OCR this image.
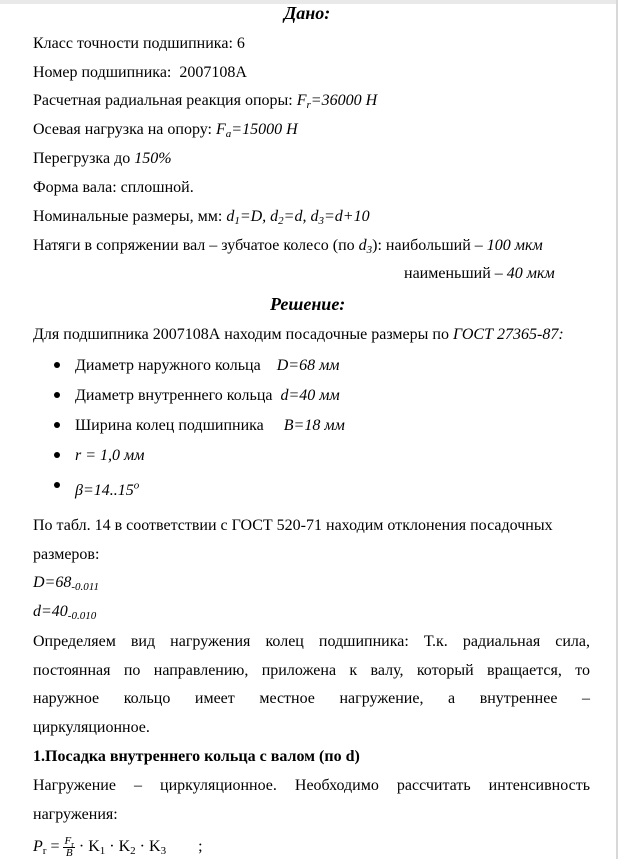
Дано:
Класс точности подшипника: 6
Номер подшипника: 2007108А
Расчетная радиальная реакция опоры: $F_r=36000$ Н
Осевая нагрузка на опору: $F_a=15000$ Н
Перегрузка до 150%
Форма вала: сплошной.
Номинальные размеры, мм: $d_1=D$, $d_2=d$, $d_3=d+10$
Натяги в сопряжении вал – зубчатое колесо (по $d_3$): наибольший – 100 мкм
наименьший – 40 мкм
Решение:
Для подшипника 2007108А находим посадочные размеры по ГОСТ 27365-87:
Диаметр наружного кольца D=68 мм
Диаметр внутреннего кольца d=40 мм
Ширина колец подшипника B=18 мм
r = 1,0 мм
$\beta=14..15^о$
По табл. 14 в соответствии с ГОСТ 520-71 находим отклонения посадочных
размеров:
$D=68_{-0.011}$
$d=40_{-0.010}$
Определяем вид нагружения колец подшипника: Т.к. радиальная сила,
постоянная по направлению, приложена к валу, который вращается, то
наружное кольцо имеет местное нагружение, а внутреннее –
циркуляционное.
1.Посадка внутреннего кольца с валом (по d)
Нагружение – циркуляционное. Необходимо рассчитать интенсивность
нагружения:
$P_r = \frac{F_r}{B} \cdot K_1 \cdot K_2 \cdot K_3$ ;
